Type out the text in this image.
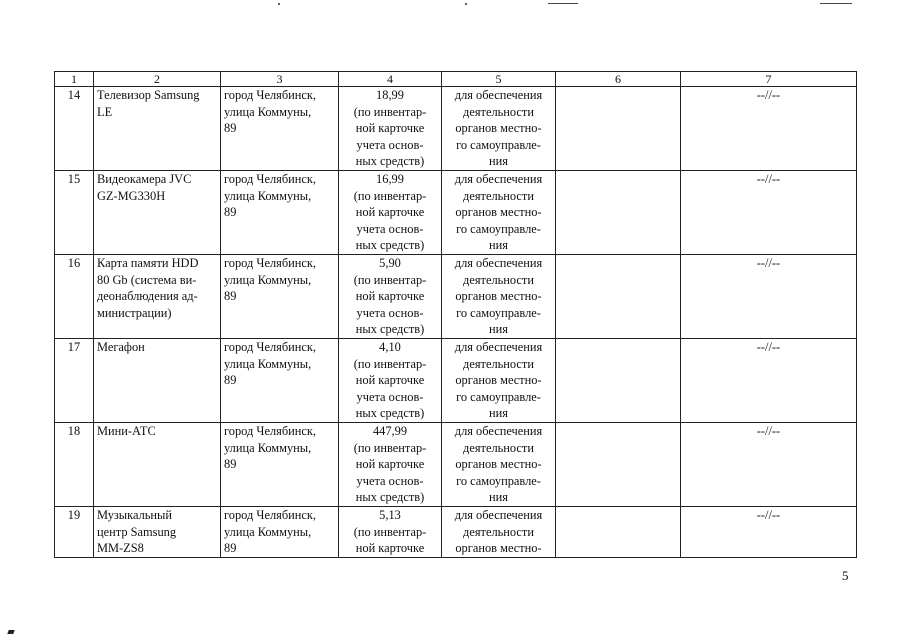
1	2	3	4	5	6	7
14	Телевизор Samsung
LE	город Челябинск,
улица Коммуны,
89	18,99
(по инвентар-
ной карточке
учета основ-
ных средств)	для обеспечения
деятельности
органов местно-
го самоуправле-
ния		--//--
15	Видеокамера JVC
GZ-MG330H	город Челябинск,
улица Коммуны,
89	16,99
(по инвентар-
ной карточке
учета основ-
ных средств)	для обеспечения
деятельности
органов местно-
го самоуправле-
ния		--//--
16	Карта памяти HDD
80 Gb (система ви-
деонаблюдения ад-
министрации)	город Челябинск,
улица Коммуны,
89	5,90
(по инвентар-
ной карточке
учета основ-
ных средств)	для обеспечения
деятельности
органов местно-
го самоуправле-
ния		--//--
17	Мегафон	город Челябинск,
улица Коммуны,
89	4,10
(по инвентар-
ной карточке
учета основ-
ных средств)	для обеспечения
деятельности
органов местно-
го самоуправле-
ния		--//--
18	Мини-АТС	город Челябинск,
улица Коммуны,
89	447,99
(по инвентар-
ной карточке
учета основ-
ных средств)	для обеспечения
деятельности
органов местно-
го самоуправле-
ния		--//--
19	Музыкальный
центр Samsung
MM-ZS8	город Челябинск,
улица Коммуны,
89	5,13
(по инвентар-
ной карточке	для обеспечения
деятельности
органов местно-		--//--
5
